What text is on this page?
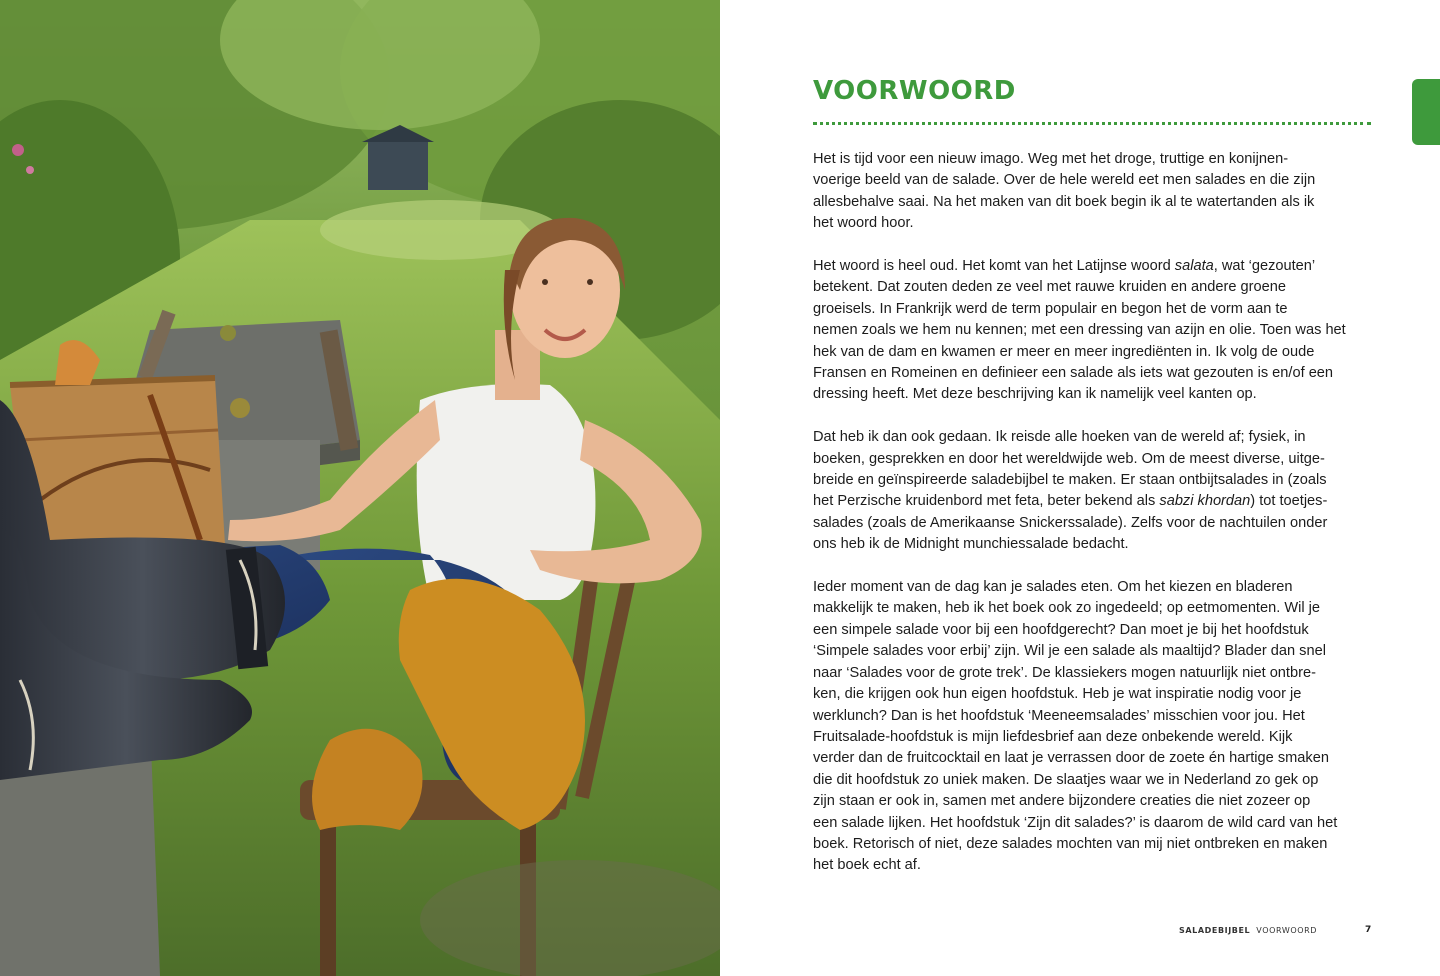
VOORWOORD

Het is tijd voor een nieuw imago. Weg met het droge, truttige en konijnen-
voerige beeld van de salade. Over de hele wereld eet men salades en die zijn
allesbehalve saai. Na het maken van dit boek begin ik al te watertanden als ik
het woord hoor.

Het woord is heel oud. Het komt van het Latijnse woord salata, wat ‘gezouten’
betekent. Dat zouten deden ze veel met rauwe kruiden en andere groene
groeisels. In Frankrijk werd de term populair en begon het de vorm aan te
nemen zoals we hem nu kennen; met een dressing van azijn en olie. Toen was het
hek van de dam en kwamen er meer en meer ingrediënten in. Ik volg de oude
Fransen en Romeinen en definieer een salade als iets wat gezouten is en/of een
dressing heeft. Met deze beschrijving kan ik namelijk veel kanten op.

Dat heb ik dan ook gedaan. Ik reisde alle hoeken van de wereld af; fysiek, in
boeken, gesprekken en door het wereldwijde web. Om de meest diverse, uitge-
breide en geïnspireerde saladebijbel te maken. Er staan ontbijtsalades in (zoals
het Perzische kruidenbord met feta, beter bekend als sabzi khordan) tot toetjes-
salades (zoals de Amerikaanse Snickerssalade). Zelfs voor de nachtuilen onder
ons heb ik de Midnight munchiessalade bedacht.

Ieder moment van de dag kan je salades eten. Om het kiezen en bladeren
makkelijk te maken, heb ik het boek ook zo ingedeeld; op eetmomenten. Wil je
een simpele salade voor bij een hoofdgerecht? Dan moet je bij het hoofdstuk
‘Simpele salades voor erbij’ zijn. Wil je een salade als maaltijd? Blader dan snel
naar ‘Salades voor de grote trek’. De klassiekers mogen natuurlijk niet ontbre-
ken, die krijgen ook hun eigen hoofdstuk. Heb je wat inspiratie nodig voor je
werklunch? Dan is het hoofdstuk ‘Meeneemsalades’ misschien voor jou. Het
Fruitsalade-hoofdstuk is mijn liefdesbrief aan deze onbekende wereld. Kijk
verder dan de fruitcocktail en laat je verrassen door de zoete én hartige smaken
die dit hoofdstuk zo uniek maken. De slaatjes waar we in Nederland zo gek op
zijn staan er ook in, samen met andere bijzondere creaties die niet zozeer op
een salade lijken. Het hoofdstuk ‘Zijn dit salades?’ is daarom de wild card van het
boek. Retorisch of niet, deze salades mochten van mij niet ontbreken en maken
het boek echt af.

SALADEBIJBEL VOORWOORD	7
